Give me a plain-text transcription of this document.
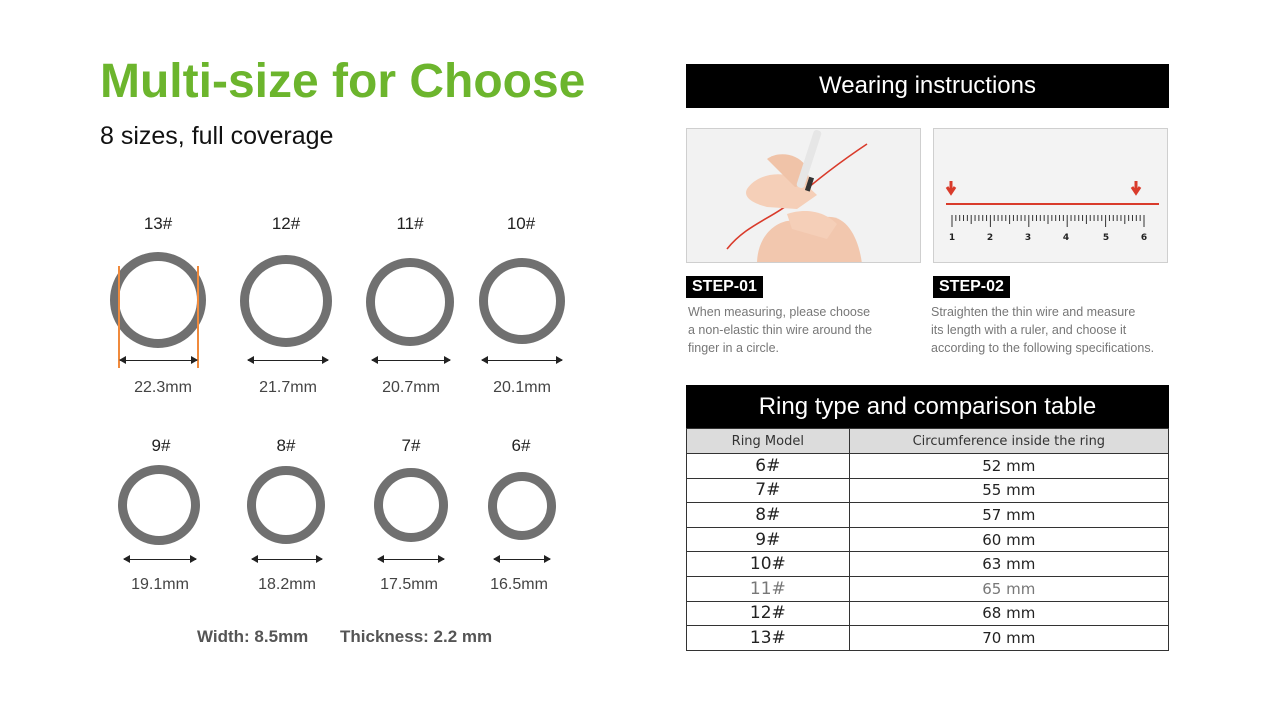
Multi-size for Choose
8 sizes, full coverage
13#	12#	11#	10#
22.3mm	21.7mm	20.7mm	20.1mm
9#	8#	7#	6#
19.1mm	18.2mm	17.5mm	16.5mm
Width: 8.5mm Thickness: 2.2 mm
Wearing instructions
1	2	3	4	5	6
STEP-01	STEP-02
When measuring, please choose
a non-elastic thin wire around the
finger in a circle.
Straighten the thin wire and measure
its length with a ruler, and choose it
according to the following specifications.
Ring type and comparison table
Ring Model	Circumference inside the ring
6#	52 mm
7#	55 mm
8#	57 mm
9#	60 mm
10#	63 mm
11#	65 mm
12#	68 mm
13#	70 mm
